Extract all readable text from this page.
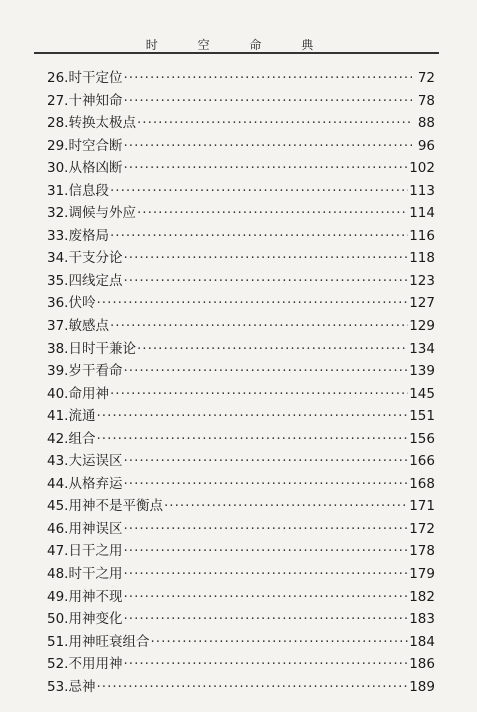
时 空 命 典
26. 时干定位 ·····	72
27. 十神知命 ·····	78
28. 转换太极点 ·····	88
29. 时空合断 ·····	96
30. 从格凶断 ·····	102
31. 信息段 ·····	113
32. 调候与外应 ·····	114
33. 废格局 ·····	116
34. 干支分论 ·····	118
35. 四线定点 ·····	123
36. 伏呤 ·····	127
37. 敏感点 ·····	129
38. 日时干兼论 ·····	134
39. 岁干看命 ·····	139
40. 命用神 ·····	145
41. 流通 ·····	151
42. 组合 ·····	156
43. 大运误区 ·····	166
44. 从格弃运 ·····	168
45. 用神不是平衡点 ·····	171
46. 用神误区 ·····	172
47. 日干之用 ·····	178
48. 时干之用 ·····	179
49. 用神不现 ·····	182
50. 用神变化 ·····	183
51. 用神旺衰组合 ·····	184
52. 不用用神 ·····	186
53. 忌神 ·····	189
